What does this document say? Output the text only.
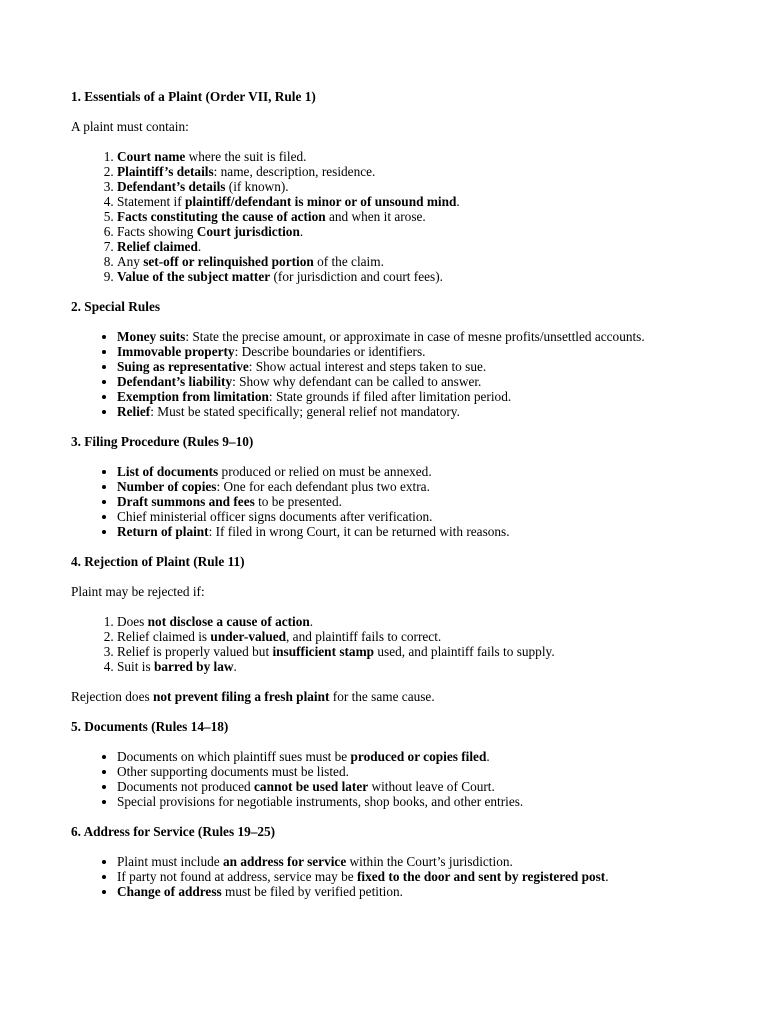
1. Essentials of a Plaint (Order VII, Rule 1)

A plaint must contain:

1. Court name where the suit is filed.
2. Plaintiff’s details: name, description, residence.
3. Defendant’s details (if known).
4. Statement if plaintiff/defendant is minor or of unsound mind.
5. Facts constituting the cause of action and when it arose.
6. Facts showing Court jurisdiction.
7. Relief claimed.
8. Any set-off or relinquished portion of the claim.
9. Value of the subject matter (for jurisdiction and court fees).
2. Special Rules
• Money suits: State the precise amount, or approximate in case of mesne profits/unsettled accounts.
• Immovable property: Describe boundaries or identifiers.
• Suing as representative: Show actual interest and steps taken to sue.
• Defendant’s liability: Show why defendant can be called to answer.
• Exemption from limitation: State grounds if filed after limitation period.
• Relief: Must be stated specifically; general relief not mandatory.
3. Filing Procedure (Rules 9–10)
• List of documents produced or relied on must be annexed.
• Number of copies: One for each defendant plus two extra.
• Draft summons and fees to be presented.
• Chief ministerial officer signs documents after verification.
• Return of plaint: If filed in wrong Court, it can be returned with reasons.
4. Rejection of Plaint (Rule 11)

Plaint may be rejected if:

1. Does not disclose a cause of action.
2. Relief claimed is under-valued, and plaintiff fails to correct.
3. Relief is properly valued but insufficient stamp used, and plaintiff fails to supply.
4. Suit is barred by law.

Rejection does not prevent filing a fresh plaint for the same cause.

5. Documents (Rules 14–18)
• Documents on which plaintiff sues must be produced or copies filed.
• Other supporting documents must be listed.
• Documents not produced cannot be used later without leave of Court.
• Special provisions for negotiable instruments, shop books, and other entries.
6. Address for Service (Rules 19–25)
• Plaint must include an address for service within the Court’s jurisdiction.
• If party not found at address, service may be fixed to the door and sent by registered post.
• Change of address must be filed by verified petition.
